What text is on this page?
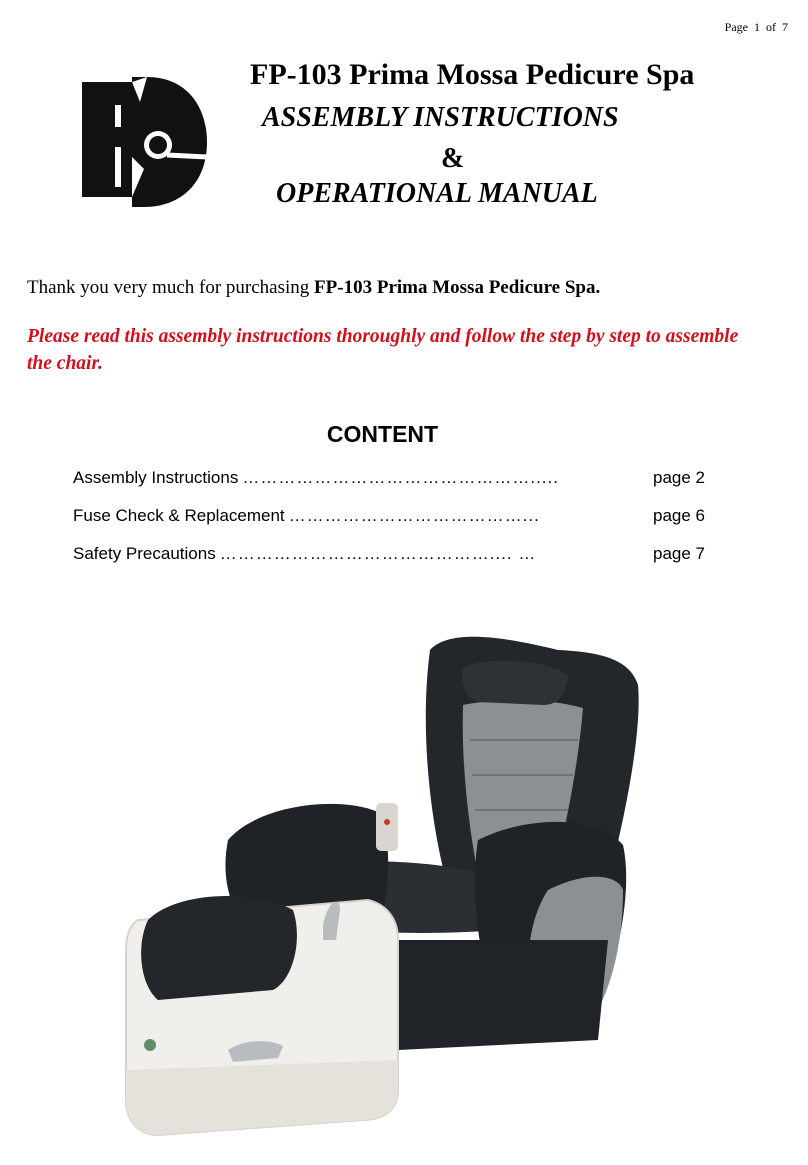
Page 1 of 7
FP-103 Prima Mossa Pedicure Spa
ASSEMBLY INSTRUCTIONS
&
OPERATIONAL MANUAL
Thank you very much for purchasing FP-103 Prima Mossa Pedicure Spa.
Please read this assembly instructions thoroughly and follow the step by step to assemble the chair.
CONTENT
Assembly Instructions ………………………………………….....	page 2
Fuse Check & Replacement …………………………………...	page 6
Safety Precautions ……………………………………….... …	page 7
